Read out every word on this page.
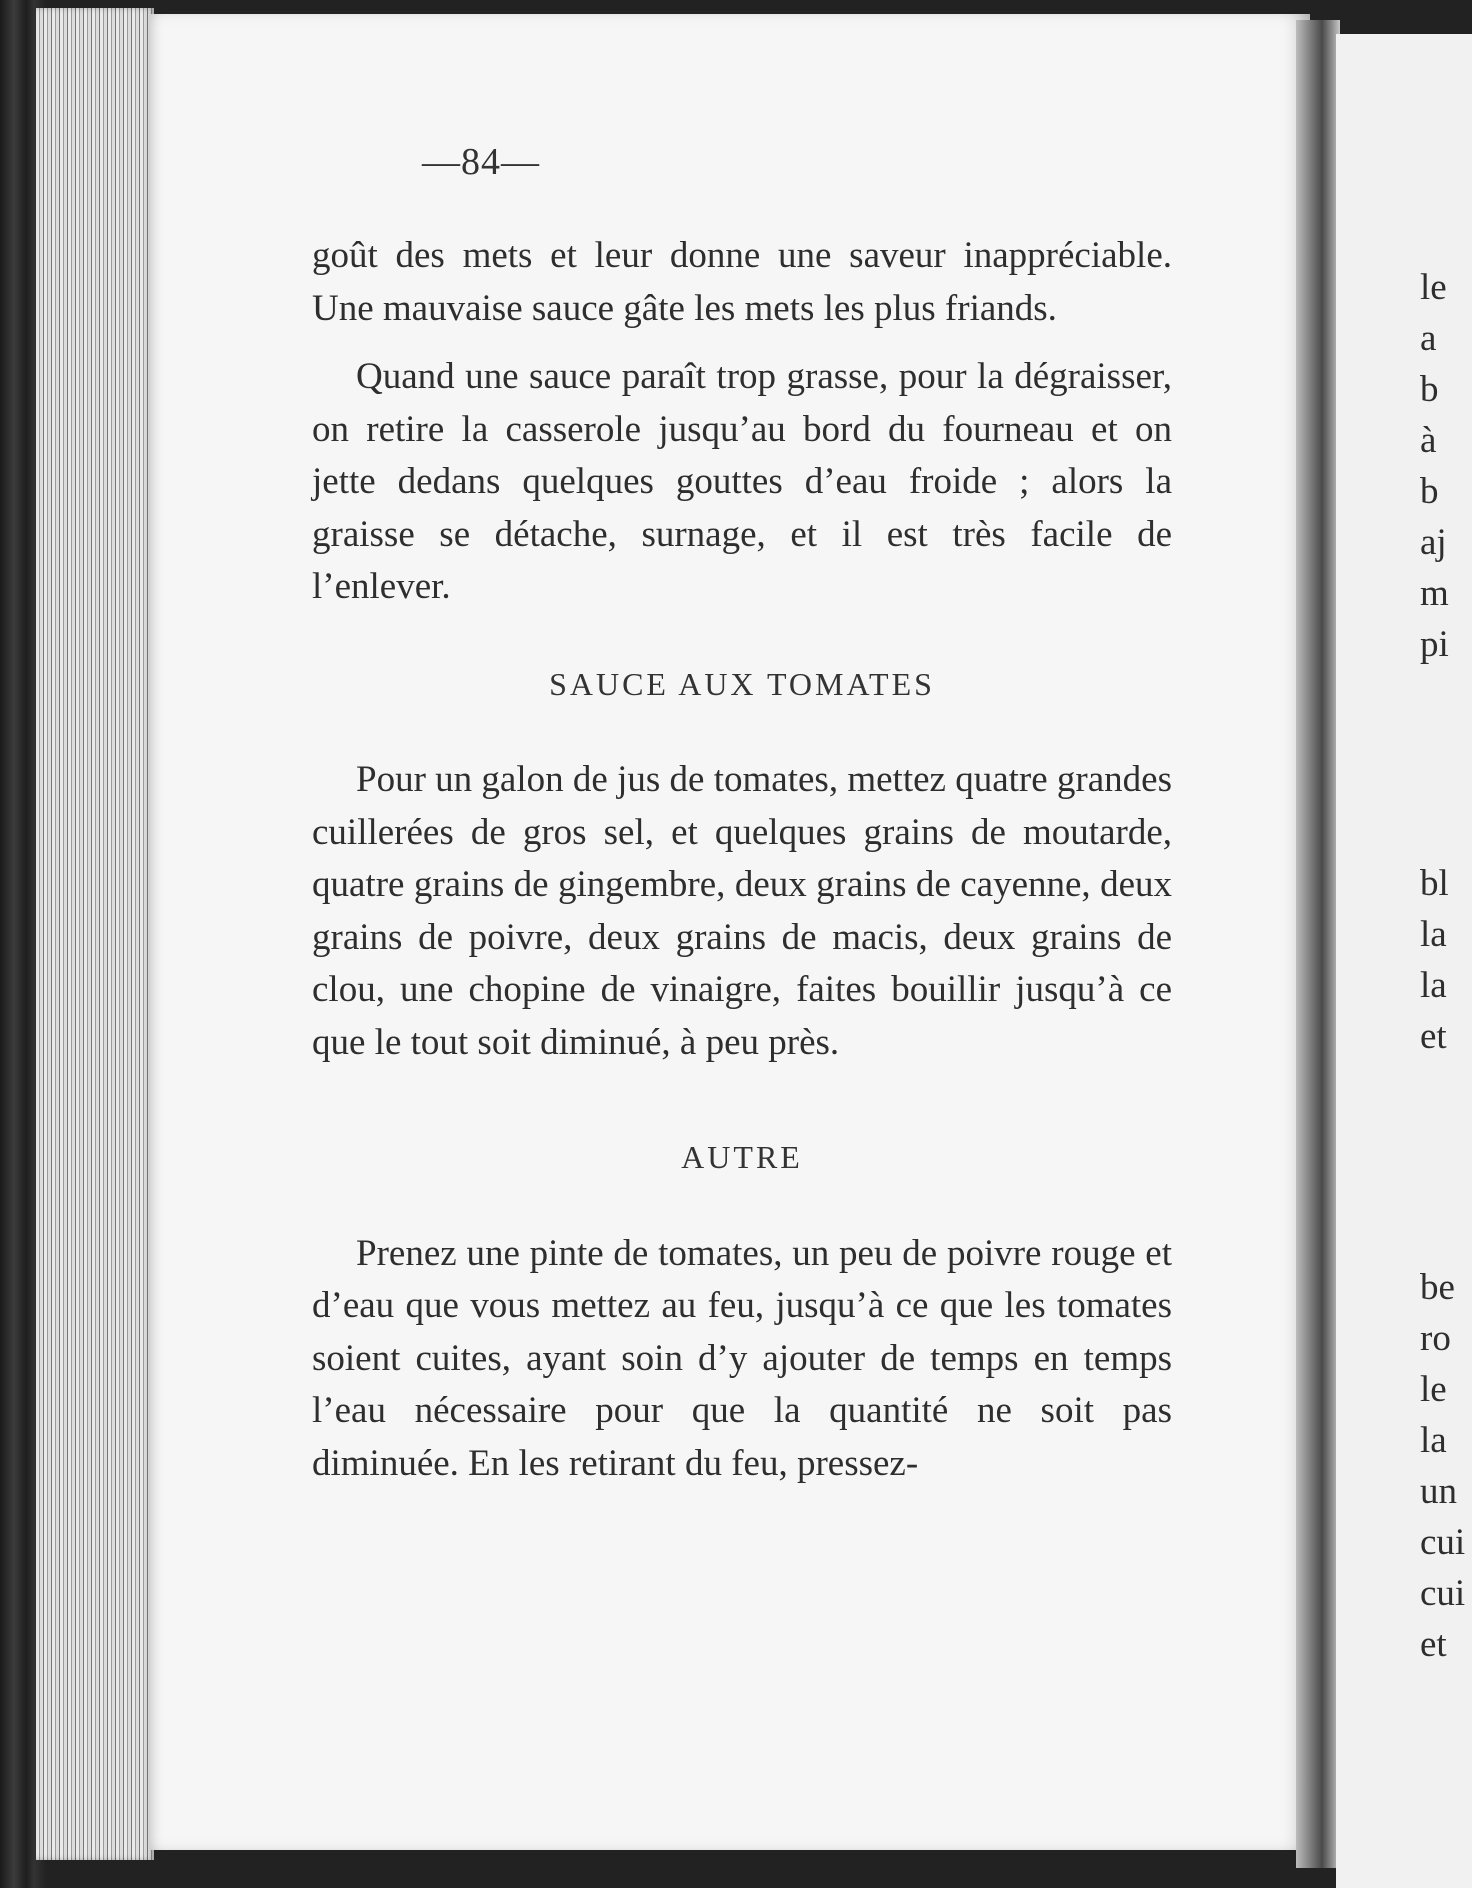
—84—

goût des mets et leur donne une saveur inappréciable. Une mauvaise sauce gâte les mets les plus friands.

Quand une sauce paraît trop grasse, pour la dégraisser, on retire la casserole jusqu’au bord du fourneau et on jette dedans quelques gouttes d’eau froide ; alors la graisse se détache, surnage, et il est très facile de l’enlever.

SAUCE AUX TOMATES

Pour un galon de jus de tomates, mettez quatre grandes cuillerées de gros sel, et quelques grains de moutarde, quatre grains de gingembre, deux grains de cayenne, deux grains de poivre, deux grains de macis, deux grains de clou, une chopine de vinaigre, faites bouillir jusqu’à ce que le tout soit diminué, à peu près.

AUTRE

Prenez une pinte de tomates, un peu de poivre rouge et d’eau que vous mettez au feu, jusqu’à ce que les tomates soient cuites, ayant soin d’y ajouter de temps en temps l’eau nécessaire pour que la quantité ne soit pas diminuée. En les retirant du feu, pressez-

le
a
b
à
b
aj
m
pi
bl
la
la
et
be
ro
le
la
un
cui
cui
et
